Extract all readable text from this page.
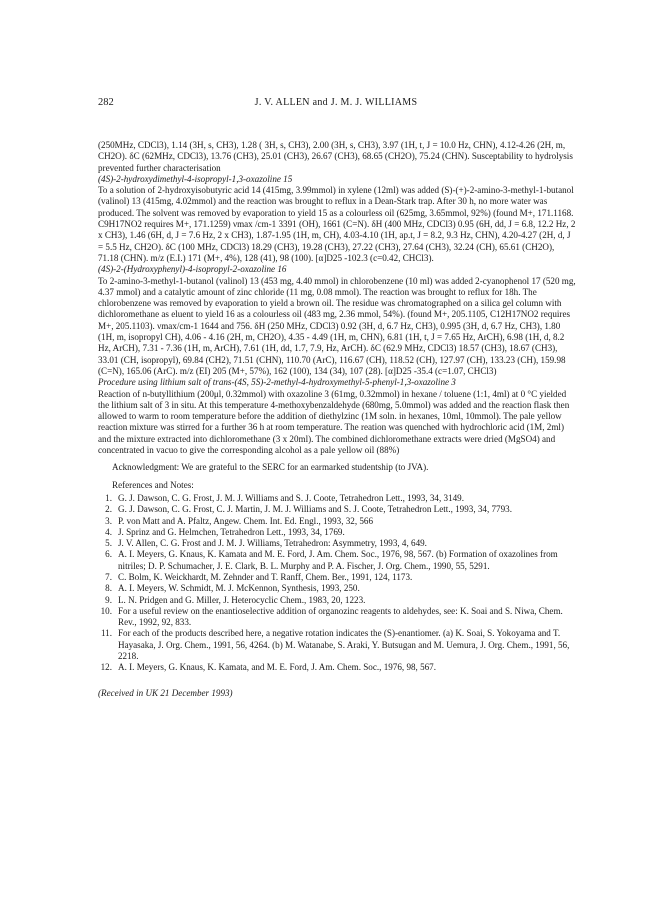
282	J. V. ALLEN and J. M. J. WILLIAMS

(250MHz, CDCl3), 1.14 (3H, s, CH3), 1.28 ( 3H, s, CH3), 2.00 (3H, s, CH3), 3.97 (1H, t, J = 10.0 Hz, CHN), 4.12-4.26 (2H, m, CH2O). δC (62MHz, CDCl3), 13.76 (CH3), 25.01 (CH3), 26.67 (CH3), 68.65 (CH2O), 75.24 (CHN). Susceptability to hydrolysis prevented further characterisation

(4S)-2-hydroxydimethyl-4-isopropyl-1,3-oxazoline 15

To a solution of 2-hydroxyisobutyric acid 14 (415mg, 3.99mmol) in xylene (12ml) was added (S)-(+)-2-amino-3-methyl-1-butanol (valinol) 13 (415mg, 4.02mmol) and the reaction was brought to reflux in a Dean-Stark trap. After 30 h, no more water was produced. The solvent was removed by evaporation to yield 15 as a colourless oil (625mg, 3.65mmol, 92%) (found M+, 171.1168. C9H17NO2 requires M+, 171.1259) νmax /cm-1 3391 (OH), 1661 (C=N). δH (400 MHz, CDCl3) 0.95 (6H, dd, J = 6.8, 12.2 Hz, 2 x CH3), 1.46 (6H, d, J = 7.6 Hz, 2 x CH3), 1.87-1.95 (1H, m, CH), 4.03-4.10 (1H, ap.t, J = 8.2, 9.3 Hz, CHN), 4.20-4.27 (2H, d, J = 5.5 Hz, CH2O). δC (100 MHz, CDCl3) 18.29 (CH3), 19.28 (CH3), 27.22 (CH3), 27.64 (CH3), 32.24 (CH), 65.61 (CH2O), 71.18 (CHN). m/z (E.I.) 171 (M+, 4%), 128 (41), 98 (100). [α]D25 -102.3 (c=0.42, CHCl3).

(4S)-2-(Hydroxyphenyl)-4-isopropyl-2-oxazoline 16

To 2-amino-3-methyl-1-butanol (valinol) 13 (453 mg, 4.40 mmol) in chlorobenzene (10 ml) was added 2-cyanophenol 17 (520 mg, 4.37 mmol) and a catalytic amount of zinc chloride (11 mg, 0.08 mmol). The reaction was brought to reflux for 18h. The chlorobenzene was removed by evaporation to yield a brown oil. The residue was chromatographed on a silica gel column with dichloromethane as eluent to yield 16 as a colourless oil (483 mg, 2.36 mmol, 54%). (found M+, 205.1105, C12H17NO2 requires M+, 205.1103). νmax/cm-1 1644 and 756. δH (250 MHz, CDCl3) 0.92 (3H, d, 6.7 Hz, CH3), 0.995 (3H, d, 6.7 Hz, CH3), 1.80 (1H, m, isopropyl CH), 4.06 - 4.16 (2H, m, CH2O), 4.35 - 4.49 (1H, m, CHN), 6.81 (1H, t, J = 7.65 Hz, ArCH), 6.98 (1H, d, 8.2 Hz, ArCH), 7.31 - 7.36 (1H, m, ArCH), 7.61 (1H, dd, 1.7, 7.9, Hz, ArCH). δC (62.9 MHz, CDCl3) 18.57 (CH3), 18.67 (CH3), 33.01 (CH, isopropyl), 69.84 (CH2), 71.51 (CHN), 110.70 (ArC), 116.67 (CH), 118.52 (CH), 127.97 (CH), 133.23 (CH), 159.98 (C=N), 165.06 (ArC). m/z (EI) 205 (M+, 57%), 162 (100), 134 (34), 107 (28). [α]D25 -35.4 (c=1.07, CHCl3)

Procedure using lithium salt of trans-(4S, 5S)-2-methyl-4-hydroxymethyl-5-phenyl-1,3-oxazoline 3

Reaction of n-butyllithium (200μl, 0.32mmol) with oxazoline 3 (61mg, 0.32mmol) in hexane / toluene (1:1, 4ml) at 0 °C yielded the lithium salt of 3 in situ. At this temperature 4-methoxybenzaldehyde (680mg, 5.0mmol) was added and the reaction flask then allowed to warm to room temperature before the addition of diethylzinc (1M soln. in hexanes, 10ml, 10mmol). The pale yellow reaction mixture was stirred for a further 36 h at room temperature. The reation was quenched with hydrochloric acid (1M, 2ml) and the mixture extracted into dichloromethane (3 x 20ml). The combined dichloromethane extracts were dried (MgSO4) and concentrated in vacuo to give the corresponding alcohol as a pale yellow oil (88%)

Acknowledgment: We are grateful to the SERC for an earmarked studentship (to JVA).

References and Notes:

1. G. J. Dawson, C. G. Frost, J. M. J. Williams and S. J. Coote, Tetrahedron Lett., 1993, 34, 3149.
2. G. J. Dawson, C. G. Frost, C. J. Martin, J. M. J. Williams and S. J. Coote, Tetrahedron Lett., 1993, 34, 7793.
3. P. von Matt and A. Pfaltz, Angew. Chem. Int. Ed. Engl., 1993, 32, 566
4. J. Sprinz and G. Helmchen, Tetrahedron Lett., 1993, 34, 1769.
5. J. V. Allen, C. G. Frost and J. M. J. Williams, Tetrahedron: Asymmetry, 1993, 4, 649.
6. A. I. Meyers, G. Knaus, K. Kamata and M. E. Ford, J. Am. Chem. Soc., 1976, 98, 567. (b) Formation of oxazolines from nitriles; D. P. Schumacher, J. E. Clark, B. L. Murphy and P. A. Fischer, J. Org. Chem., 1990, 55, 5291.
7. C. Bolm, K. Weickhardt, M. Zehnder and T. Ranff, Chem. Ber., 1991, 124, 1173.
8. A. I. Meyers, W. Schmidt, M. J. McKennon, Synthesis, 1993, 250.
9. L. N. Pridgen and G. Miller, J. Heterocyclic Chem., 1983, 20, 1223.
10. For a useful review on the enantioselective addition of organozinc reagents to aldehydes, see: K. Soai and S. Niwa, Chem. Rev., 1992, 92, 833.
11. For each of the products described here, a negative rotation indicates the (S)-enantiomer. (a) K. Soai, S. Yokoyama and T. Hayasaka, J. Org. Chem., 1991, 56, 4264. (b) M. Watanabe, S. Araki, Y. Butsugan and M. Uemura, J. Org. Chem., 1991, 56, 2218.
12. A. I. Meyers, G. Knaus, K. Kamata, and M. E. Ford, J. Am. Chem. Soc., 1976, 98, 567.

(Received in UK 21 December 1993)
